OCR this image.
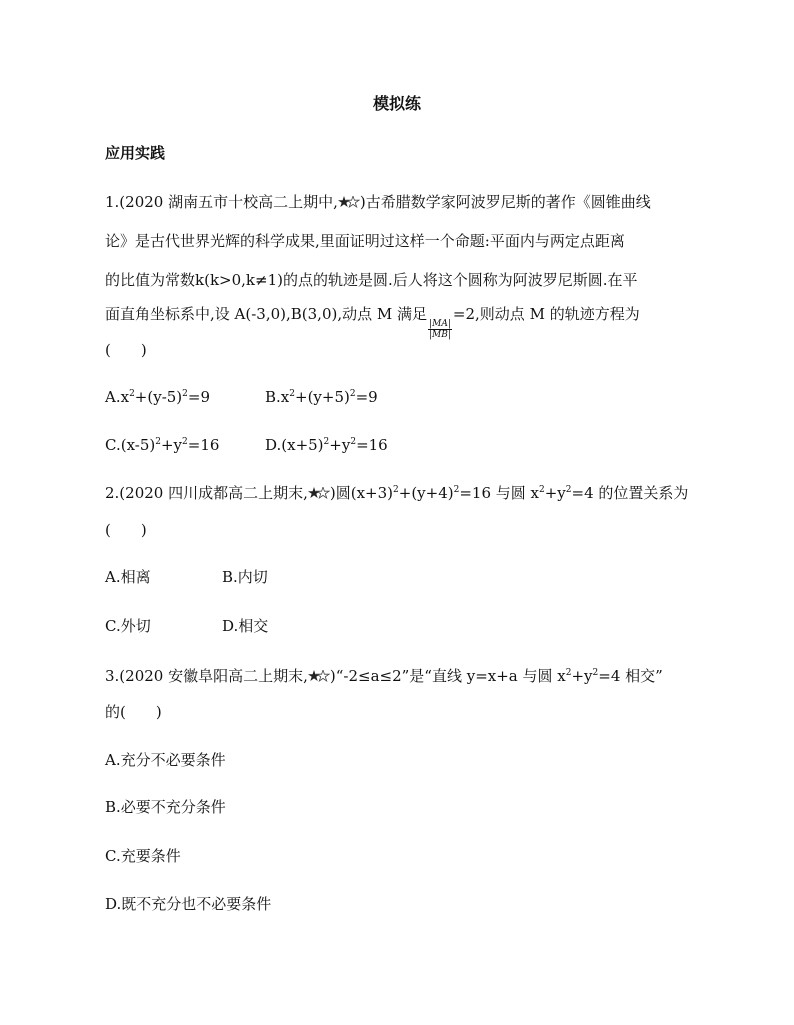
模拟练
应用实践
1.(2020 湖南五市十校高二上期中, )古希腊数学家阿波罗尼斯的著作《圆锥曲线
论》是古代世界光辉的科学成果,里面证明过这样一个命题:平面内与两定点距离
的比值为常数k(k>0,k≠1)的点的轨迹是圆.后人将这个圆称为阿波罗尼斯圆.在平
面直角坐标系中,设 A(-3,0),B(3,0),动点 M 满足
$\frac{|MA|}{|MB|}$
=2,则动点 M 的轨迹方程为
(　　)
$A.x^2+(y-5)^2=9$	$B.x^2+(y+5)^2=9$
$C.(x-5)^2+y^2=16$	$D.(x+5)^2+y^2=16$
2.(2020 四川成都高二上期末, )圆$(x+3)^2+(y+4)^2=16$ 与圆 $x^2+y^2=4$ 的位置关系为
(　　)
A.相离	B.内切
C.外切	D.相交
3.(2020 安徽阜阳高二上期末, )“-2≤a≤2”是“直线 y=x+a 与圆 $x^2+y^2=4$ 相交”
的(　　)
A.充分不必要条件
B.必要不充分条件
C.充要条件
D.既不充分也不必要条件
